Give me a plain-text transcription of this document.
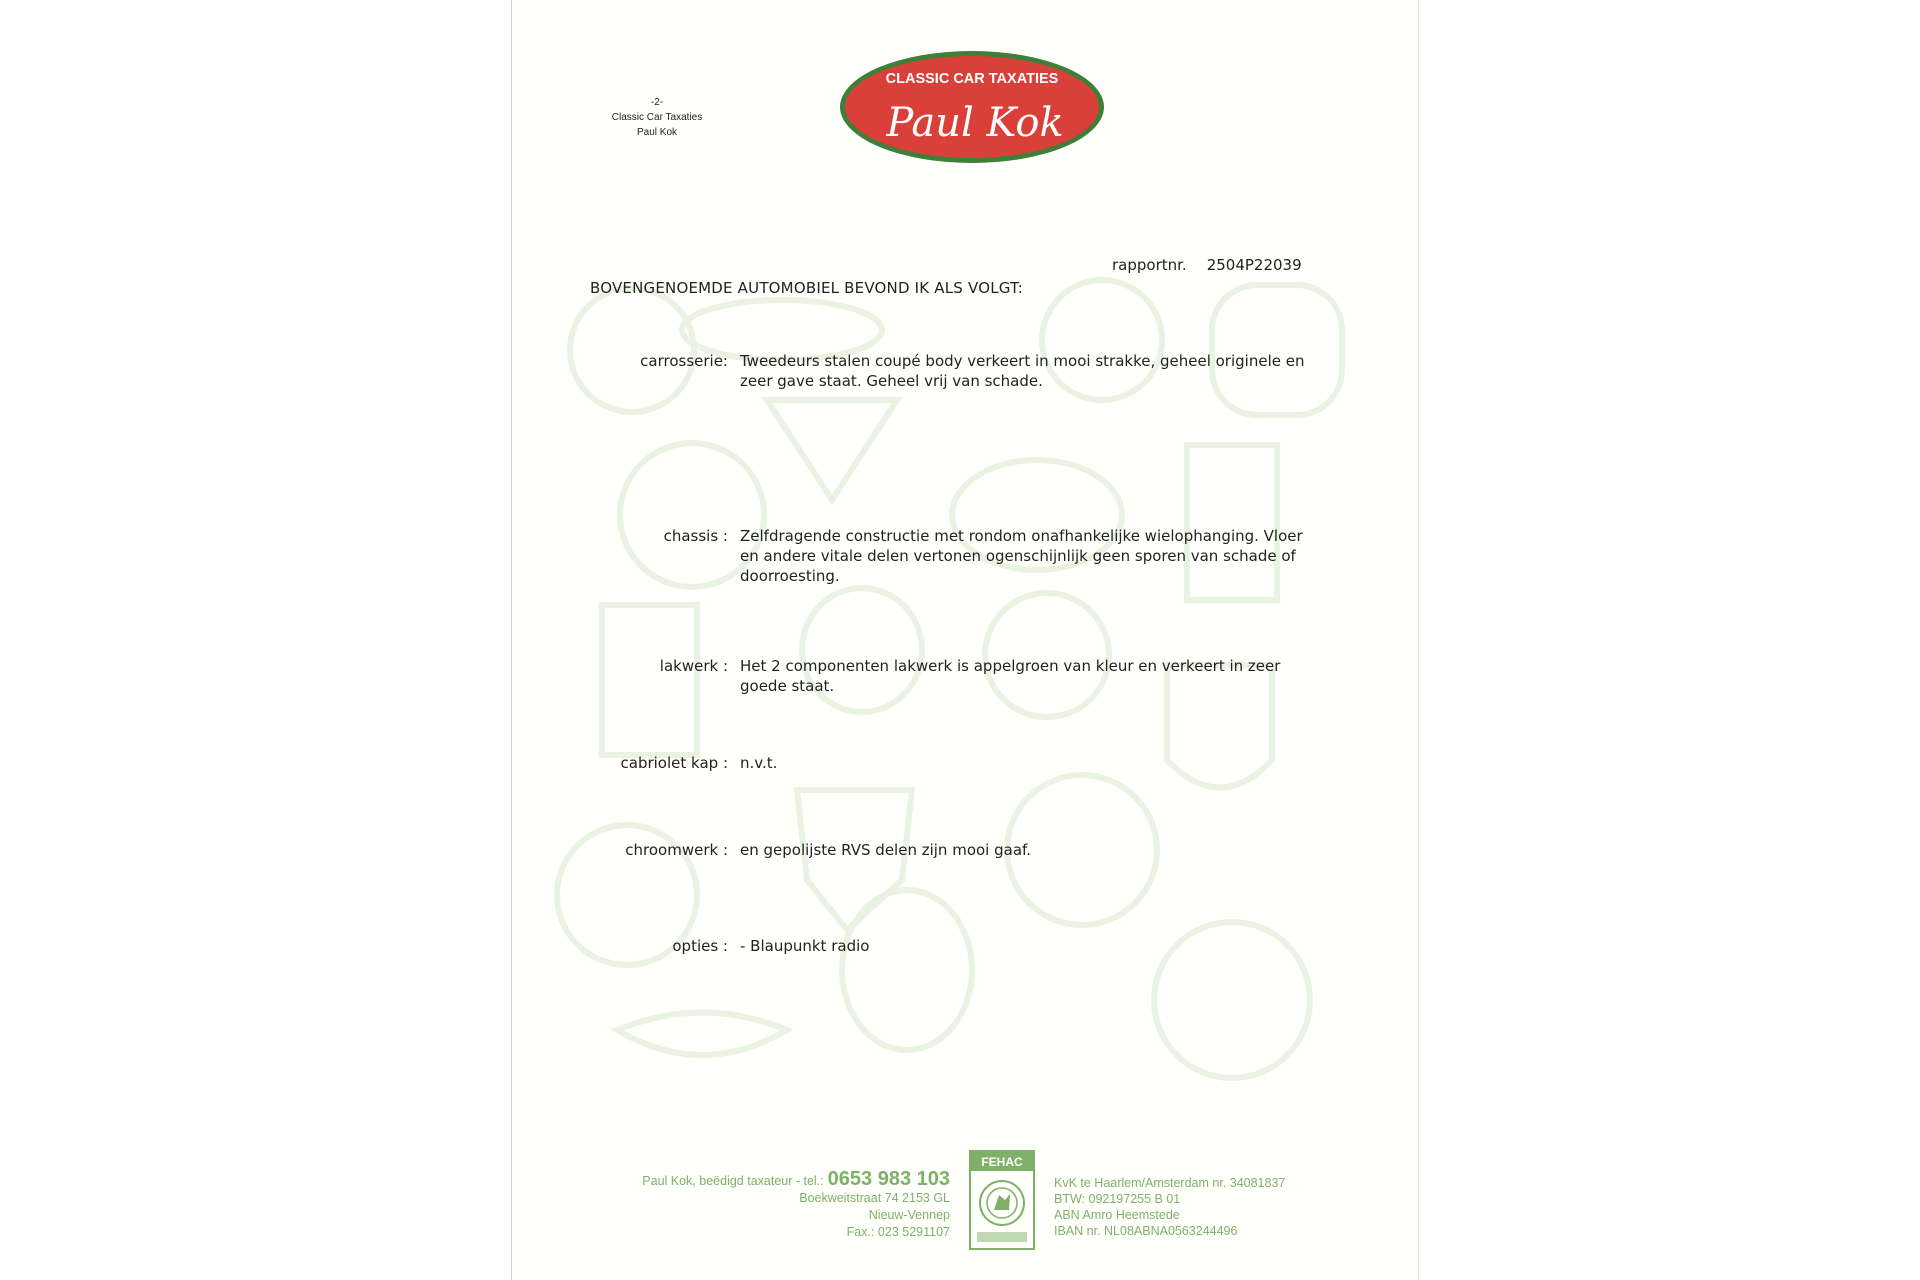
-2-
Classic Car Taxaties
Paul Kok
CLASSIC CAR TAXATIES
Paul Kok
rapportnr. 2504P22039
BOVENGENOEMDE AUTOMOBIEL BEVOND IK ALS VOLGT:
carrosserie: Tweedeurs stalen coupé body verkeert in mooi strakke, geheel originele en zeer gave staat. Geheel vrij van schade.
chassis : Zelfdragende constructie met rondom onafhankelijke wielophanging. Vloer en andere vitale delen vertonen ogenschijnlijk geen sporen van schade of doorroesting.
lakwerk : Het 2 componenten lakwerk is appelgroen van kleur en verkeert in zeer goede staat.
cabriolet kap : n.v.t.
chroomwerk : en gepolijste RVS delen zijn mooi gaaf.
opties : - Blaupunkt radio
Paul Kok, beëdigd taxateur - tel.: 0653 983 103
Boekweitstraat 74 2153 GL
Nieuw-Vennep
Fax.: 023 5291107
FEHAC
KvK te Haarlem/Amsterdam nr. 34081837
BTW: 092197255 B 01
ABN Amro Heemstede
IBAN nr. NL08ABNA0563244496
